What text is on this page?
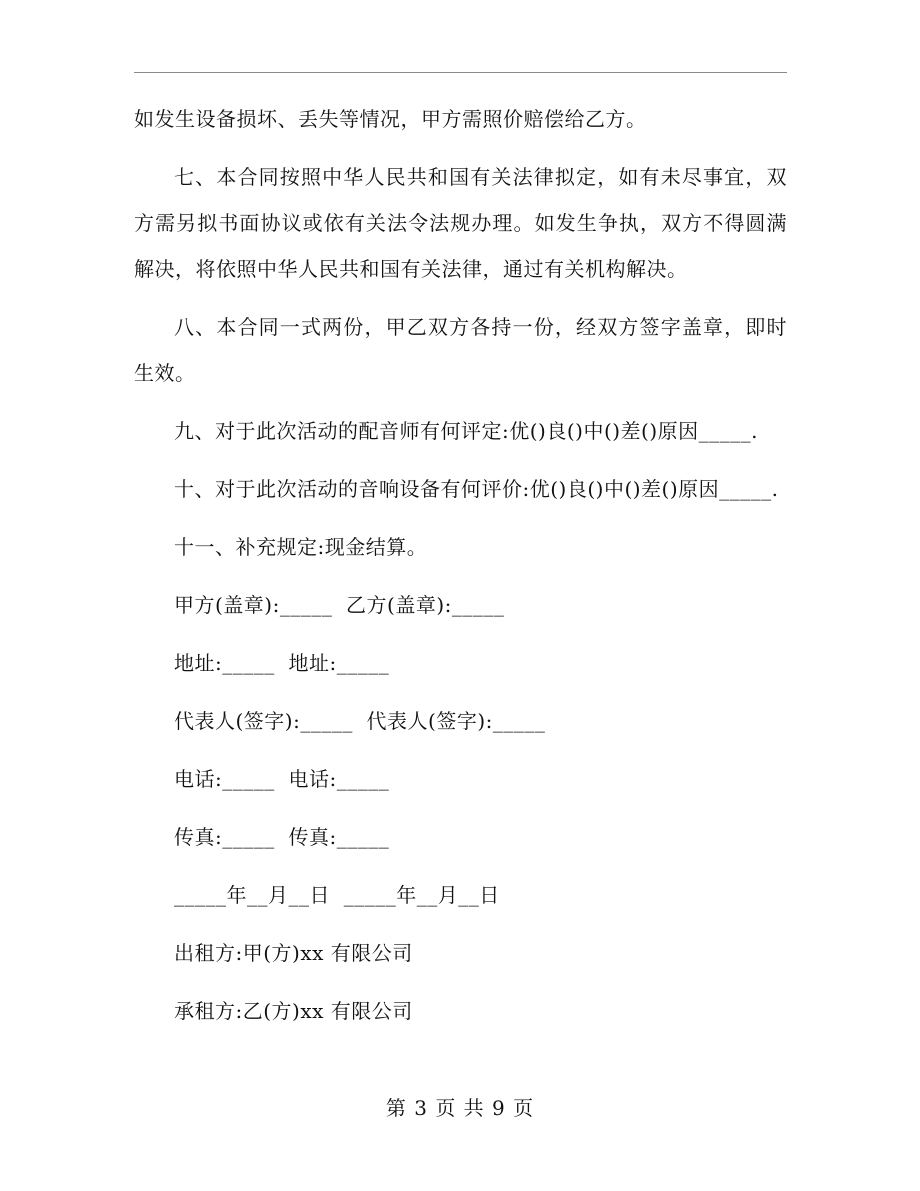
如发生设备损坏、丢失等情况，甲方需照价赔偿给乙方。

七、本合同按照中华人民共和国有关法律拟定，如有未尽事宜，双方需另拟书面协议或依有关法令法规办理。如发生争执，双方不得圆满解决，将依照中华人民共和国有关法律，通过有关机构解决。

八、本合同一式两份，甲乙双方各持一份，经双方签字盖章，即时生效。

九、对于此次活动的配音师有何评定:优()良()中()差()原因_____.

十、对于此次活动的音响设备有何评价:优()良()中()差()原因_____.

十一、补充规定:现金结算。

甲方(盖章):_____  乙方(盖章):_____
地址:_____  地址:_____
代表人(签字):_____  代表人(签字):_____
电话:_____  电话:_____
传真:_____  传真:_____
_____年__月__日  _____年__月__日
出租方:甲(方)xx 有限公司
承租方:乙(方)xx 有限公司
第 3 页 共 9 页
